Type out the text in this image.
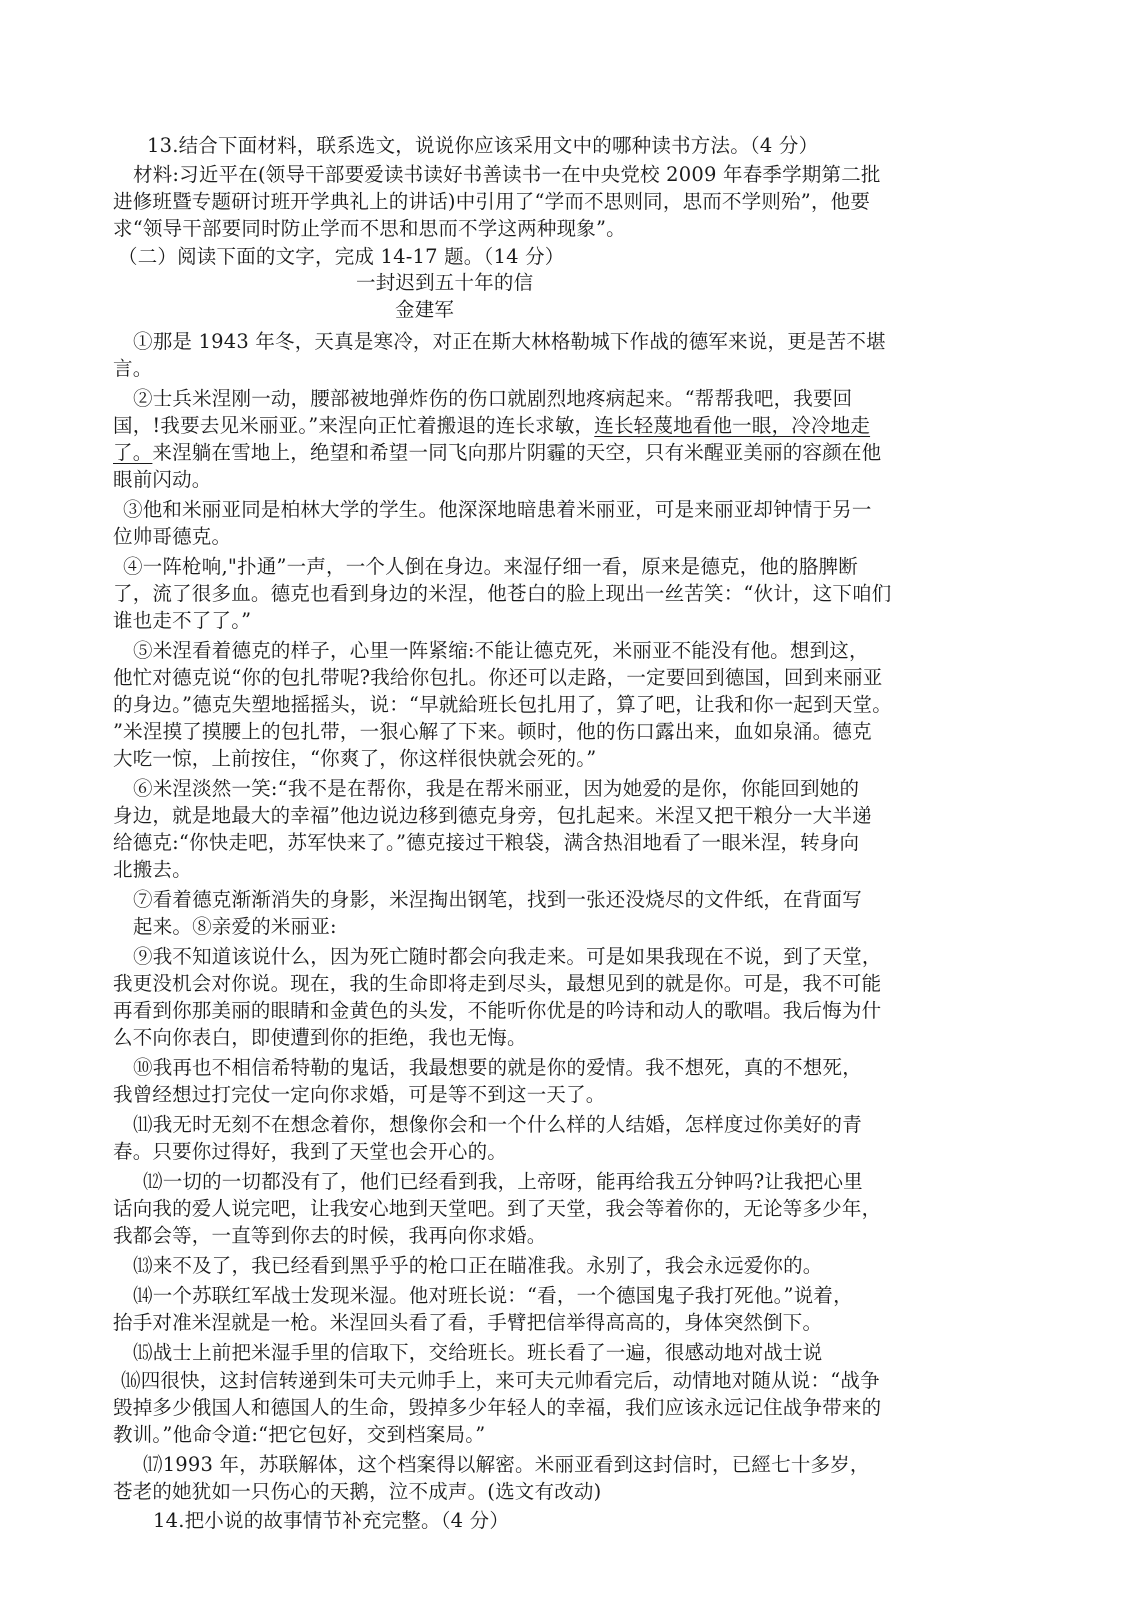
13.结合下面材料，联系选文，说说你应该采用文中的哪种读书方法。（4 分）
材料:习近平在(领导干部要爱读书读好书善读书一在中央党校 2009 年春季学期第二批
进修班暨专题研讨班开学典礼上的讲话)中引用了“学而不思则同，思而不学则殆”，他要
求“领导干部要同时防止学而不思和思而不学这两种现象”。
（二）阅读下面的文字，完成 14-17 题。（14 分）
一封迟到五十年的信
金建军
①那是 1943 年冬，天真是寒冷，对正在斯大林格勒城下作战的德军来说，更是苦不堪
言。
②士兵米涅刚一动，腰部被地弹炸伤的伤口就剧烈地疼病起来。“帮帮我吧，我要回
国，!我要去见米丽亚。”来涅向正忙着搬退的连长求敏，连长轻蔑地看他一眼，冷冷地走
了。来涅躺在雪地上，绝望和希望一同飞向那片阴霾的天空，只有米醒亚美丽的容颜在他
眼前闪动。
③他和米丽亚同是柏林大学的学生。他深深地暗患着米丽亚，可是来丽亚却钟情于另一
位帅哥德克。
④一阵枪响,"扑通”一声，一个人倒在身边。来湿仔细一看，原来是德克，他的胳脾断
了，流了很多血。德克也看到身边的米涅，他苍白的脸上现出一丝苦笑：“伙计，这下咱们
谁也走不了了。”
⑤米涅看着德克的样子，心里一阵紧缩:不能让德克死，米丽亚不能没有他。想到这，
他忙对德克说“你的包扎带呢?我给你包扎。你还可以走路，一定要回到德国，回到来丽亚
的身边。”德克失塑地摇摇头，说：“早就給班长包扎用了，算了吧，让我和你一起到天堂。
”米涅摸了摸腰上的包扎带，一狠心解了下来。顿时，他的伤口露出来，血如泉涌。德克
大吃一惊，上前按住，“你爽了，你这样很快就会死的。”
⑥米涅淡然一笑:“我不是在帮你，我是在帮米丽亚，因为她爱的是你，你能回到她的
身边，就是地最大的幸福”他边说边移到德克身旁，包扎起来。米涅又把干粮分一大半递
给德克:“你快走吧，苏军快来了。”德克接过干粮袋，满含热泪地看了一眼米涅，转身向
北搬去。
⑦看着德克渐渐消失的身影，米涅掏出钢笔，找到一张还没烧尽的文件纸，在背面写
起来。⑧亲爱的米丽亚:
⑨我不知道该说什么，因为死亡随时都会向我走来。可是如果我现在不说，到了天堂，
我更没机会对你说。现在，我的生命即将走到尽头，最想见到的就是你。可是，我不可能
再看到你那美丽的眼睛和金黄色的头发，不能听你优是的吟诗和动人的歌唱。我后悔为什
么不向你表白，即使遭到你的拒绝，我也无悔。
⑩我再也不相信希特勒的鬼话，我最想要的就是你的爱情。我不想死，真的不想死，
我曾经想过打完仗一定向你求婚，可是等不到这一天了。
⑾我无时无刻不在想念着你，想像你会和一个什么样的人结婚，怎样度过你美好的青
春。只要你过得好，我到了天堂也会开心的。
⑿一切的一切都没有了，他们已经看到我，上帝呀，能再给我五分钟吗?让我把心里
话向我的爱人说完吧，让我安心地到天堂吧。到了天堂，我会等着你的，无论等多少年，
我都会等，一直等到你去的时候，我再向你求婚。
⒀来不及了，我已经看到黑乎乎的枪口正在瞄准我。永别了，我会永远爱你的。
⒁一个苏联红军战士发现米湿。他对班长说：“看，一个德国鬼子我打死他。”说着，
抬手对准米涅就是一枪。米涅回头看了看，手臂把信举得高高的，身体突然倒下。
⒂战士上前把米湿手里的信取下，交给班长。班长看了一遍，很感动地对战士说
⒃四很快，这封信转递到朱可夫元帅手上，来可夫元帅看完后，动情地对随从说：“战争
毁掉多少俄国人和德国人的生命，毁掉多少年轻人的幸福，我们应该永远记住战争带来的
教训。”他命令道:“把它包好，交到档案局。”
⒄1993 年，苏联解体，这个档案得以解密。米丽亚看到这封信时，已經七十多岁，
苍老的她犹如一只伤心的天鹅，泣不成声。(选文有改动)
14.把小说的故事情节补充完整。（4 分）
